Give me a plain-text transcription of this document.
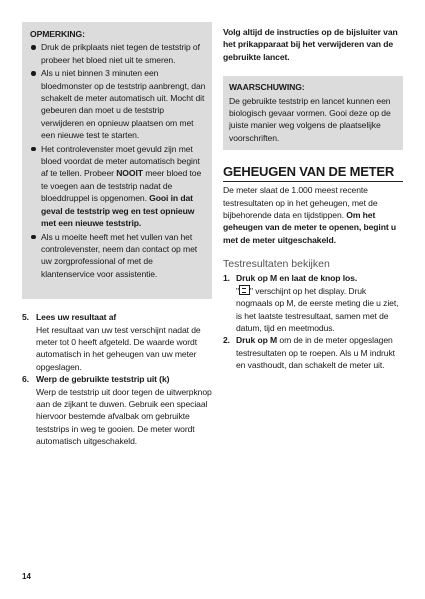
OPMERKING:
Druk de prikplaats niet tegen de teststrip of probeer het bloed niet uit te smeren.
Als u niet binnen 3 minuten een bloedmonster op de teststrip aanbrengt, dan schakelt de meter automatisch uit. Mocht dit gebeuren dan moet u de teststrip verwijderen en opnieuw plaatsen om met een nieuwe test te starten.
Het controlevenster moet gevuld zijn met bloed voordat de meter automatisch begint af te tellen. Probeer NOOIT meer bloed toe te voegen aan de teststrip nadat de bloeddruppel is opgenomen. Gooi in dat geval de teststrip weg en test opnieuw met een nieuwe teststrip.
Als u moeite heeft met het vullen van het controlevenster, neem dan contact op met uw zorgprofessional of met de klantenservice voor assistentie.
5. Lees uw resultaat af
Het resultaat van uw test verschijnt nadat de meter tot 0 heeft afgeteld. De waarde wordt automatisch in het geheugen van uw meter opgeslagen.
6. Werp de gebruikte teststrip uit (k)
Werp de teststrip uit door tegen de uitwerpknop aan de zijkant te duwen. Gebruik een speciaal hiervoor bestemde afvalbak om gebruikte teststrips in weg te gooien. De meter wordt automatisch uitgeschakeld.
Volg altijd de instructies op de bijsluiter van het prikapparaat bij het verwijderen van de gebruikte lancet.
WAARSCHUWING:
De gebruikte teststrip en lancet kunnen een biologisch gevaar vormen. Gooi deze op de juiste manier weg volgens de plaatselijke voorschriften.
GEHEUGEN VAN DE METER
De meter slaat de 1.000 meest recente testresultaten op in het geheugen, met de bijbehorende data en tijdstippen. Om het geheugen van de meter te openen, begint u met de meter uitgeschakeld.
Testresultaten bekijken
1. Druk op M en laat de knop los.
" " verschijnt op het display. Druk nogmaals op M, de eerste meting die u ziet, is het laatste testresultaat, samen met de datum, tijd en meetmodus.
2. Druk op M om de in de meter opgeslagen testresultaten op te roepen. Als u M indrukt en vasthoudt, dan schakelt de meter uit.
14
